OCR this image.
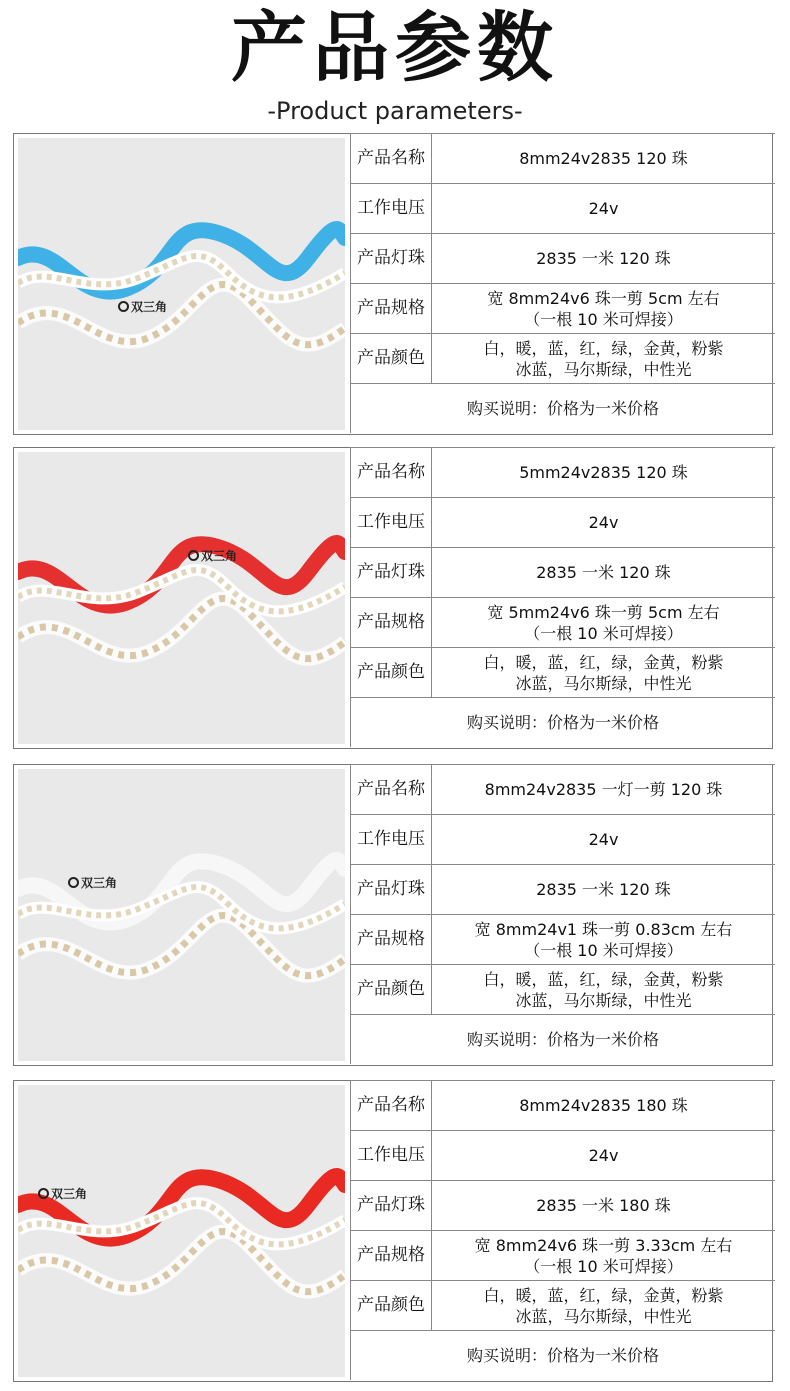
产品参数
-Product parameters-
双三角
产品名称	8mm24v2835 120 珠
工作电压	24v
产品灯珠	2835 一米 120 珠
产品规格	宽 8mm24v6 珠一剪 5cm 左右
（一根 10 米可焊接）
产品颜色	白，暖，蓝，红，绿，金黄，粉紫
冰蓝，马尔斯绿，中性光
购买说明：价格为一米价格
双三角
产品名称	5mm24v2835 120 珠
工作电压	24v
产品灯珠	2835 一米 120 珠
产品规格	宽 5mm24v6 珠一剪 5cm 左右
（一根 10 米可焊接）
产品颜色	白，暖，蓝，红，绿，金黄，粉紫
冰蓝，马尔斯绿，中性光
购买说明：价格为一米价格
双三角
产品名称	8mm24v2835 一灯一剪 120 珠
工作电压	24v
产品灯珠	2835 一米 120 珠
产品规格	宽 8mm24v1 珠一剪 0.83cm 左右
（一根 10 米可焊接）
产品颜色	白，暖，蓝，红，绿，金黄，粉紫
冰蓝，马尔斯绿，中性光
购买说明：价格为一米价格
双三角
产品名称	8mm24v2835 180 珠
工作电压	24v
产品灯珠	2835 一米 180 珠
产品规格	宽 8mm24v6 珠一剪 3.33cm 左右
（一根 10 米可焊接）
产品颜色	白，暖，蓝，红，绿，金黄，粉紫
冰蓝，马尔斯绿，中性光
购买说明：价格为一米价格
